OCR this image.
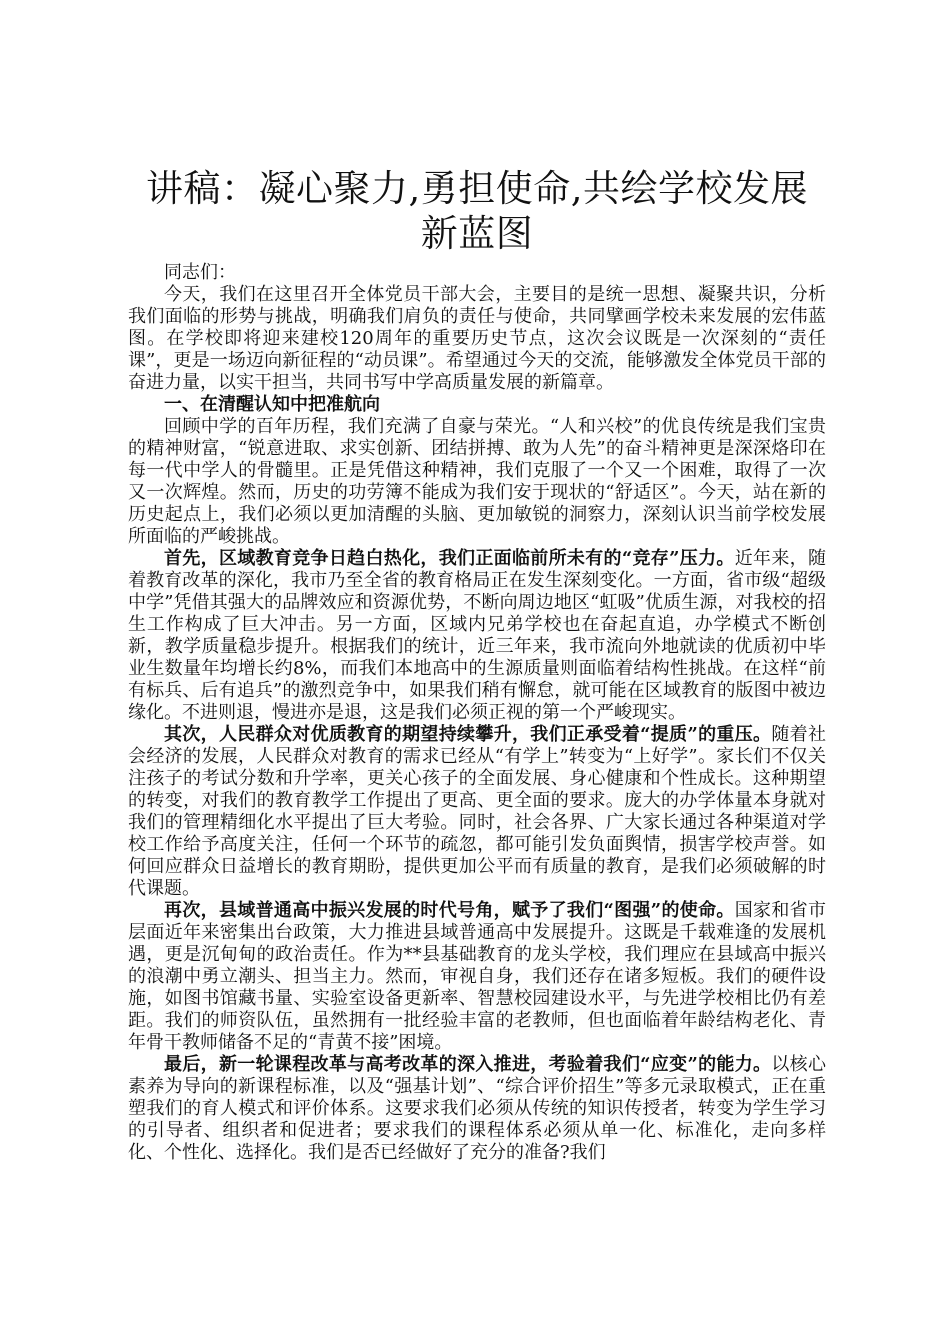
讲稿：凝心聚力,勇担使命,共绘学校发展新蓝图

同志们：

今天，我们在这里召开全体党员干部大会，主要目的是统一思想、凝聚共识，分析我们面临的形势与挑战，明确我们肩负的责任与使命，共同擘画学校未来发展的宏伟蓝图。在学校即将迎来建校120周年的重要历史节点，这次会议既是一次深刻的“责任课”，更是一场迈向新征程的“动员课”。希望通过今天的交流，能够激发全体党员干部的奋进力量，以实干担当，共同书写中学高质量发展的新篇章。

一、在清醒认知中把准航向

回顾中学的百年历程，我们充满了自豪与荣光。“人和兴校”的优良传统是我们宝贵的精神财富，“锐意进取、求实创新、团结拼搏、敢为人先”的奋斗精神更是深深烙印在每一代中学人的骨髓里。正是凭借这种精神，我们克服了一个又一个困难，取得了一次又一次辉煌。然而，历史的功劳簿不能成为我们安于现状的“舒适区”。今天，站在新的历史起点上，我们必须以更加清醒的头脑、更加敏锐的洞察力，深刻认识当前学校发展所面临的严峻挑战。

首先，区域教育竞争日趋白热化，我们正面临前所未有的“竞存”压力。近年来，随着教育改革的深化，我市乃至全省的教育格局正在发生深刻变化。一方面，省市级“超级中学”凭借其强大的品牌效应和资源优势，不断向周边地区“虹吸”优质生源，对我校的招生工作构成了巨大冲击。另一方面，区域内兄弟学校也在奋起直追，办学模式不断创新，教学质量稳步提升。根据我们的统计，近三年来，我市流向外地就读的优质初中毕业生数量年均增长约8%，而我们本地高中的生源质量则面临着结构性挑战。在这样“前有标兵、后有追兵”的激烈竞争中，如果我们稍有懈怠，就可能在区域教育的版图中被边缘化。不进则退，慢进亦是退，这是我们必须正视的第一个严峻现实。

其次，人民群众对优质教育的期望持续攀升，我们正承受着“提质”的重压。随着社会经济的发展，人民群众对教育的需求已经从“有学上”转变为“上好学”。家长们不仅关注孩子的考试分数和升学率，更关心孩子的全面发展、身心健康和个性成长。这种期望的转变，对我们的教育教学工作提出了更高、更全面的要求。庞大的办学体量本身就对我们的管理精细化水平提出了巨大考验。同时，社会各界、广大家长通过各种渠道对学校工作给予高度关注，任何一个环节的疏忽，都可能引发负面舆情，损害学校声誉。如何回应群众日益增长的教育期盼，提供更加公平而有质量的教育，是我们必须破解的时代课题。

再次，县域普通高中振兴发展的时代号角，赋予了我们“图强”的使命。国家和省市层面近年来密集出台政策，大力推进县域普通高中发展提升。这既是千载难逢的发展机遇，更是沉甸甸的政治责任。作为**县基础教育的龙头学校，我们理应在县域高中振兴的浪潮中勇立潮头、担当主力。然而，审视自身，我们还存在诸多短板。我们的硬件设施，如图书馆藏书量、实验室设备更新率、智慧校园建设水平，与先进学校相比仍有差距。我们的师资队伍，虽然拥有一批经验丰富的老教师，但也面临着年龄结构老化、青年骨干教师储备不足的“青黄不接”困境。

最后，新一轮课程改革与高考改革的深入推进，考验着我们“应变”的能力。以核心素养为导向的新课程标准，以及“强基计划”、“综合评价招生”等多元录取模式，正在重塑我们的育人模式和评价体系。这要求我们必须从传统的知识传授者，转变为学生学习的引导者、组织者和促进者；要求我们的课程体系必须从单一化、标准化，走向多样化、个性化、选择化。我们是否已经做好了充分的准备?我们
